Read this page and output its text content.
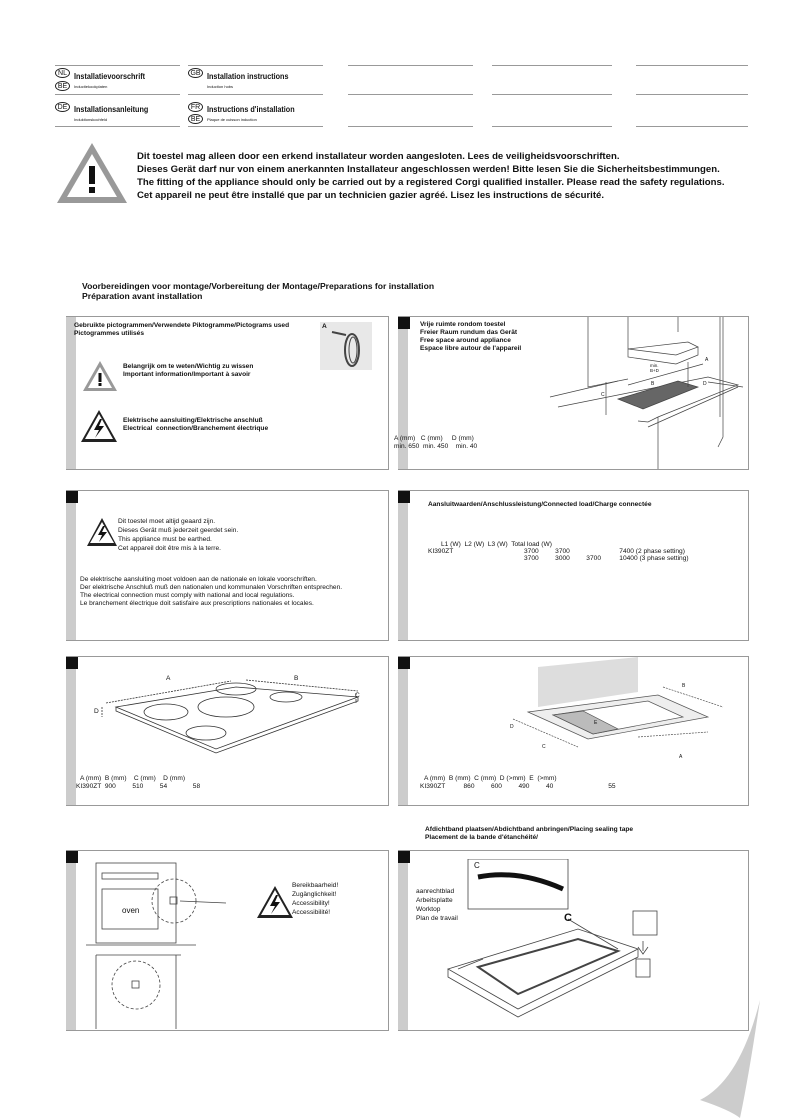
NL
BE
DE
GB
FR
BE
Installatievoorschrift
Inductiekookplaten
Installationsanleitung
Induktionskochfeld
Installation instructions
Induction hobs
Instructions d'installation
Plaque de cuisson induction
Dit toestel mag alleen door een erkend installateur worden aangesloten. Lees de veiligheidsvoorschriften.
Dieses Gerät darf nur von einem anerkannten Installateur angeschlossen werden! Bitte lesen Sie die Sicherheitsbestimmungen.
The fitting of the appliance should only be carried out by a registered Corgi qualified installer. Please read the safety regulations.
Cet appareil ne peut être installé que par un technicien gazier agréé. Lisez les instructions de sécurité.
Voorbereidingen voor montage/Vorbereitung der Montage/Preparations for installation
Préparation avant installation
Gebruikte pictogrammen/Verwendete Piktogramme/Pictograms used
Pictogrammes utilisés
A
Belangrijk om te weten/Wichtig zu wissen
Important information/Important à savoir
Elektrische aansluiting/Elektrische anschluß
Electrical  connection/Branchement électrique
Vrije ruimte rondom toestel
Freier Raum rundum das Gerät
Free space around appliance
Espace libre autour de l'appareil
A
B
C
D
min.
B+D
A (mm)   C (mm)     D (mm)
min. 650  min. 450    min. 40
Dit toestel moet altijd geaard zijn.
Dieses Gerät muß jederzeit geerdet sein.
This appliance must be earthed.
Cet appareil doit être mis à la terre.
De elektrische aansluiting moet voldoen aan de nationale en lokale voorschriften.
Der elektrische Anschluß muß den nationalen und kommunalen Vorschriften entsprechen.
The electrical connection must comply with national and local regulations.
Le branchement électrique doit satisfaire aux prescriptions nationales et locales.
Aansluitwaarden/Anschlussleistung/Connected load/Charge connectée
L1 (W)  L2 (W)  L3 (W)  Total load (W)
KI390ZT	3700         3700                           7400 (2 phase setting)
3700         3000         3700          10400 (3 phase setting)
A	B
C
D
A (mm)  B (mm)    C (mm)    D (mm)
KI390ZT  900         510         54              58
B
A
C
D
E
A (mm)  B (mm)  C (mm)  D (>mm)  E  (>mm)
KI390ZT          860         600         490         40                              55
Afdichtband plaatsen/Abdichtband anbringen/Placing sealing tape
Placement de la bande d'étanchéité/
oven
Bereikbaarheid!
Zugänglichkeit!
Accessibility!
Accessibilité!
C
C
aanrechtblad
Arbeitsplatte
Worktop
Plan de travail
